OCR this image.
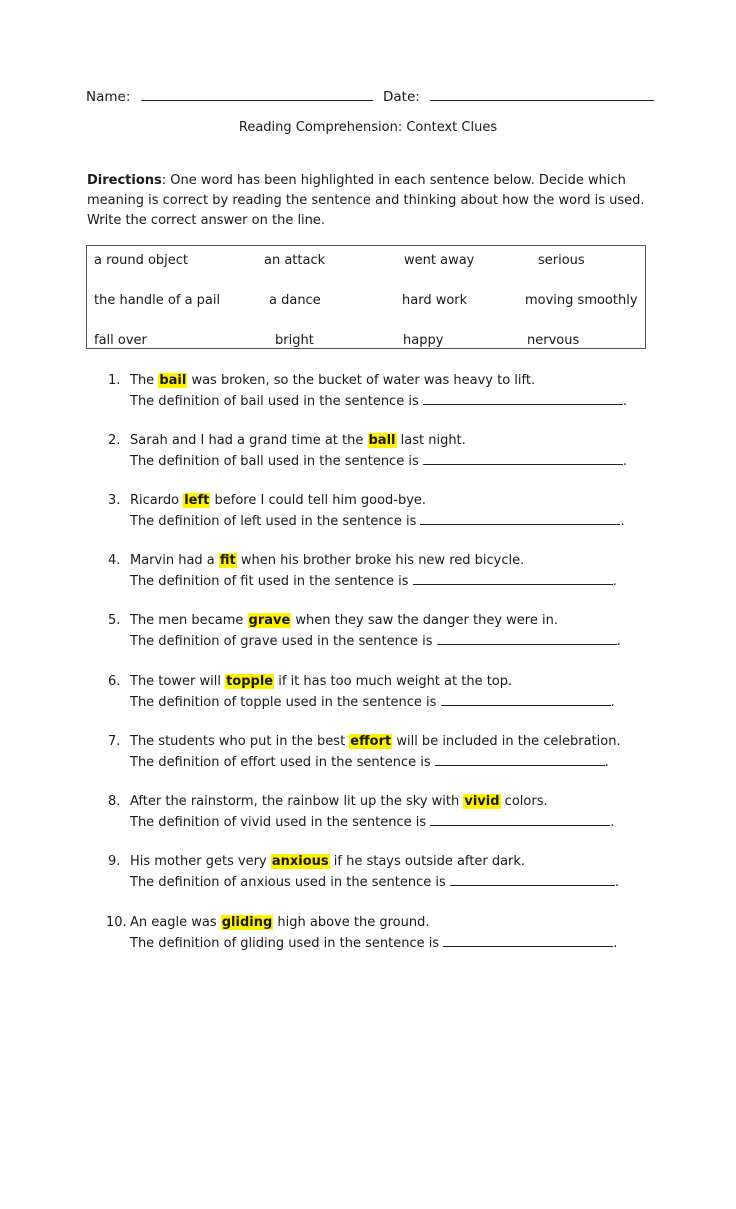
Name:	Date:
Reading Comprehension: Context Clues
Directions: One word has been highlighted in each sentence below. Decide which meaning is correct by reading the sentence and thinking about how the word is used. Write the correct answer on the line.
a round object	an attack	went away	serious
the handle of a pail	a dance	hard work	moving smoothly
fall over	bright	happy	nervous
1. The bail was broken, so the bucket of water was heavy to lift.
The definition of bail used in the sentence is	.
2. Sarah and I had a grand time at the ball last night.
The definition of ball used in the sentence is	.
3. Ricardo left before I could tell him good-bye.
The definition of left used in the sentence is	.
4. Marvin had a fit when his brother broke his new red bicycle.
The definition of fit used in the sentence is	.
5. The men became grave when they saw the danger they were in.
The definition of grave used in the sentence is	.
6. The tower will topple if it has too much weight at the top.
The definition of topple used in the sentence is	.
7. The students who put in the best effort will be included in the celebration.
The definition of effort used in the sentence is	.
8. After the rainstorm, the rainbow lit up the sky with vivid colors.
The definition of vivid used in the sentence is	.
9. His mother gets very anxious if he stays outside after dark.
The definition of anxious used in the sentence is	.
10. An eagle was gliding high above the ground.
The definition of gliding used in the sentence is	.
